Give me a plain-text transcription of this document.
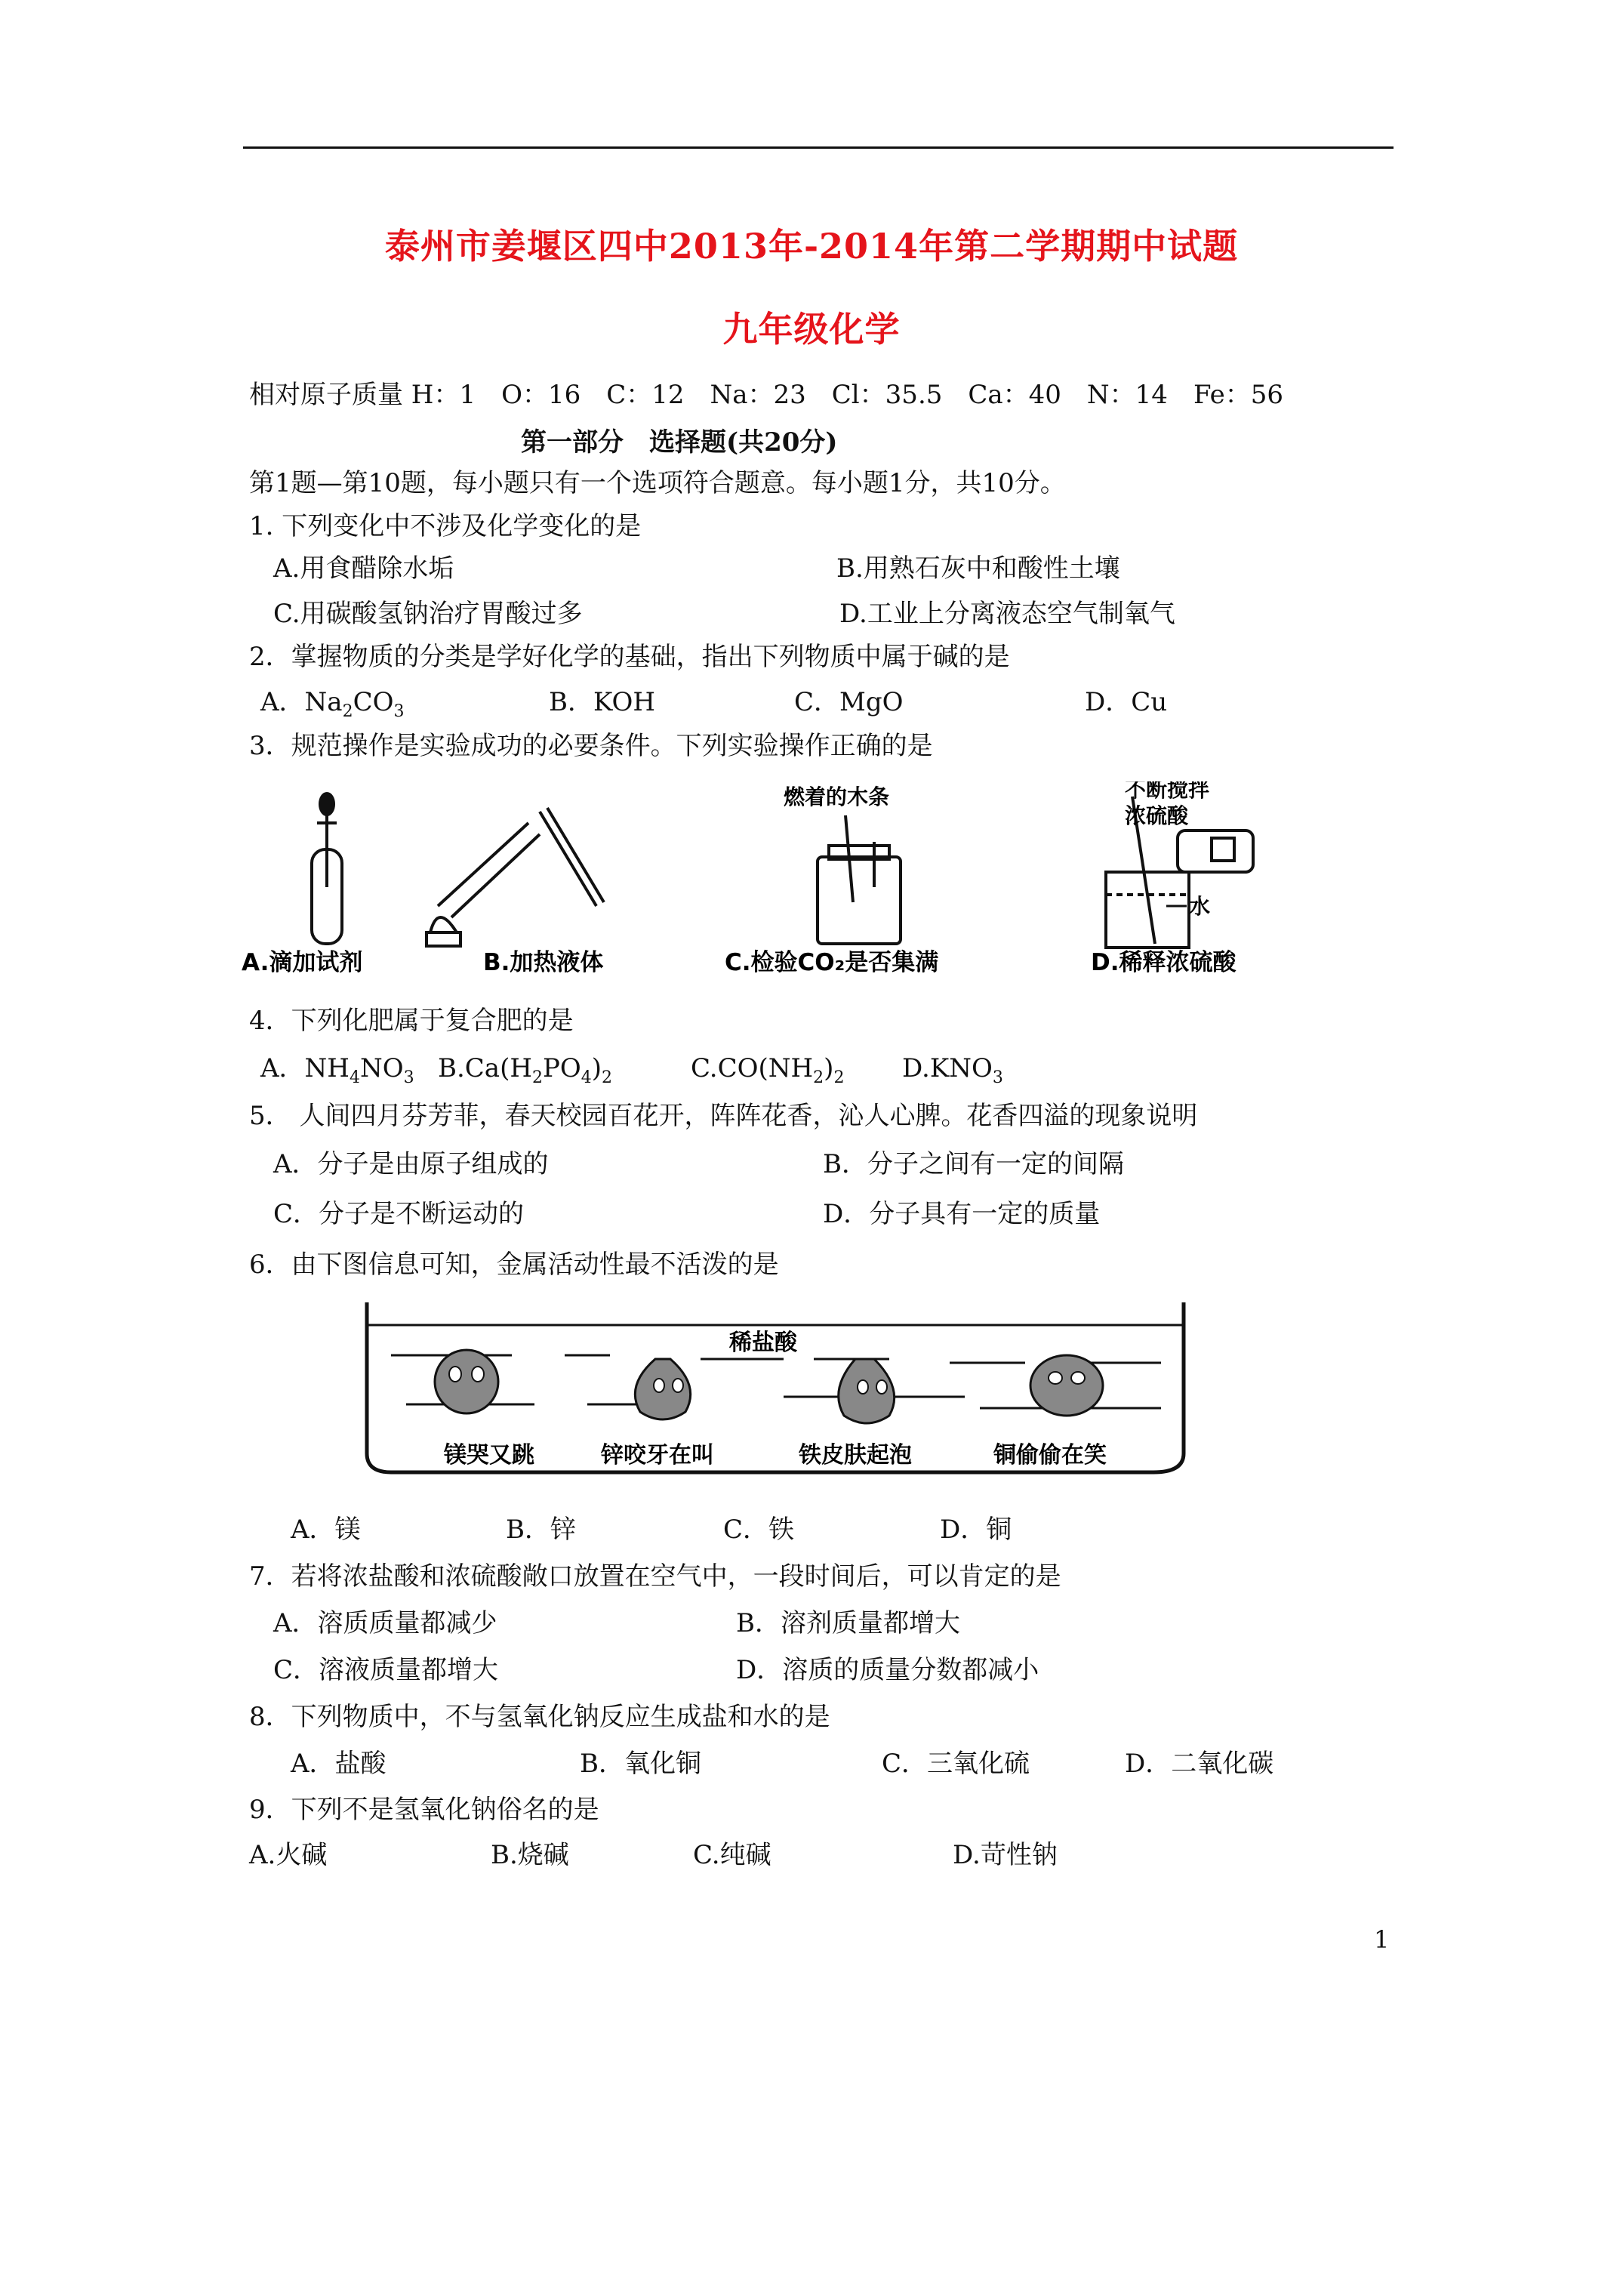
泰州市姜堰区四中2013年-2014年第二学期期中试题
九年级化学
相对原子质量 H：1　O：16　C：12　Na：23　Cl：35.5　Ca：40　N：14　Fe：56
第一部分　选择题(共20分)
第1题—第10题，每小题只有一个选项符合题意。每小题1分，共10分。
1. 下列变化中不涉及化学变化的是
A.用食醋除水垢	B.用熟石灰中和酸性土壤
C.用碳酸氢钠治疗胃酸过多	D.工业上分离液态空气制氧气
2．掌握物质的分类是学好化学的基础，指出下列物质中属于碱的是
A．$Na_2CO_3$	B．KOH	C．MgO	D．Cu
3．规范操作是实验成功的必要条件。下列实验操作正确的是
燃着的木条	不断搅拌
浓硫酸
水
A.滴加试剂	B.加热液体	C.检验CO₂是否集满	D.稀释浓硫酸
4．下列化肥属于复合肥的是
A．$NH_4NO_3$ $B.Ca(H_2PO_4)_2$	$C.CO(NH_2)_2$ $D.KNO_3$
5． 人间四月芬芳菲，春天校园百花开，阵阵花香，沁人心脾。花香四溢的现象说明
A．分子是由原子组成的	B．分子之间有一定的间隔
C．分子是不断运动的	D．分子具有一定的质量
6．由下图信息可知，金属活动性最不活泼的是
稀盐酸
镁哭又跳	锌咬牙在叫	铁皮肤起泡	铜偷偷在笑
A．镁	B．锌	C．铁	D．铜
7．若将浓盐酸和浓硫酸敞口放置在空气中，一段时间后，可以肯定的是
A．溶质质量都减少	B．溶剂质量都增大
C．溶液质量都增大	D．溶质的质量分数都减小
8．下列物质中，不与氢氧化钠反应生成盐和水的是
A．盐酸	B．氧化铜	C．三氧化硫	D．二氧化碳
9．下列不是氢氧化钠俗名的是
A.火碱	B.烧碱	C.纯碱	D.苛性钠
1
